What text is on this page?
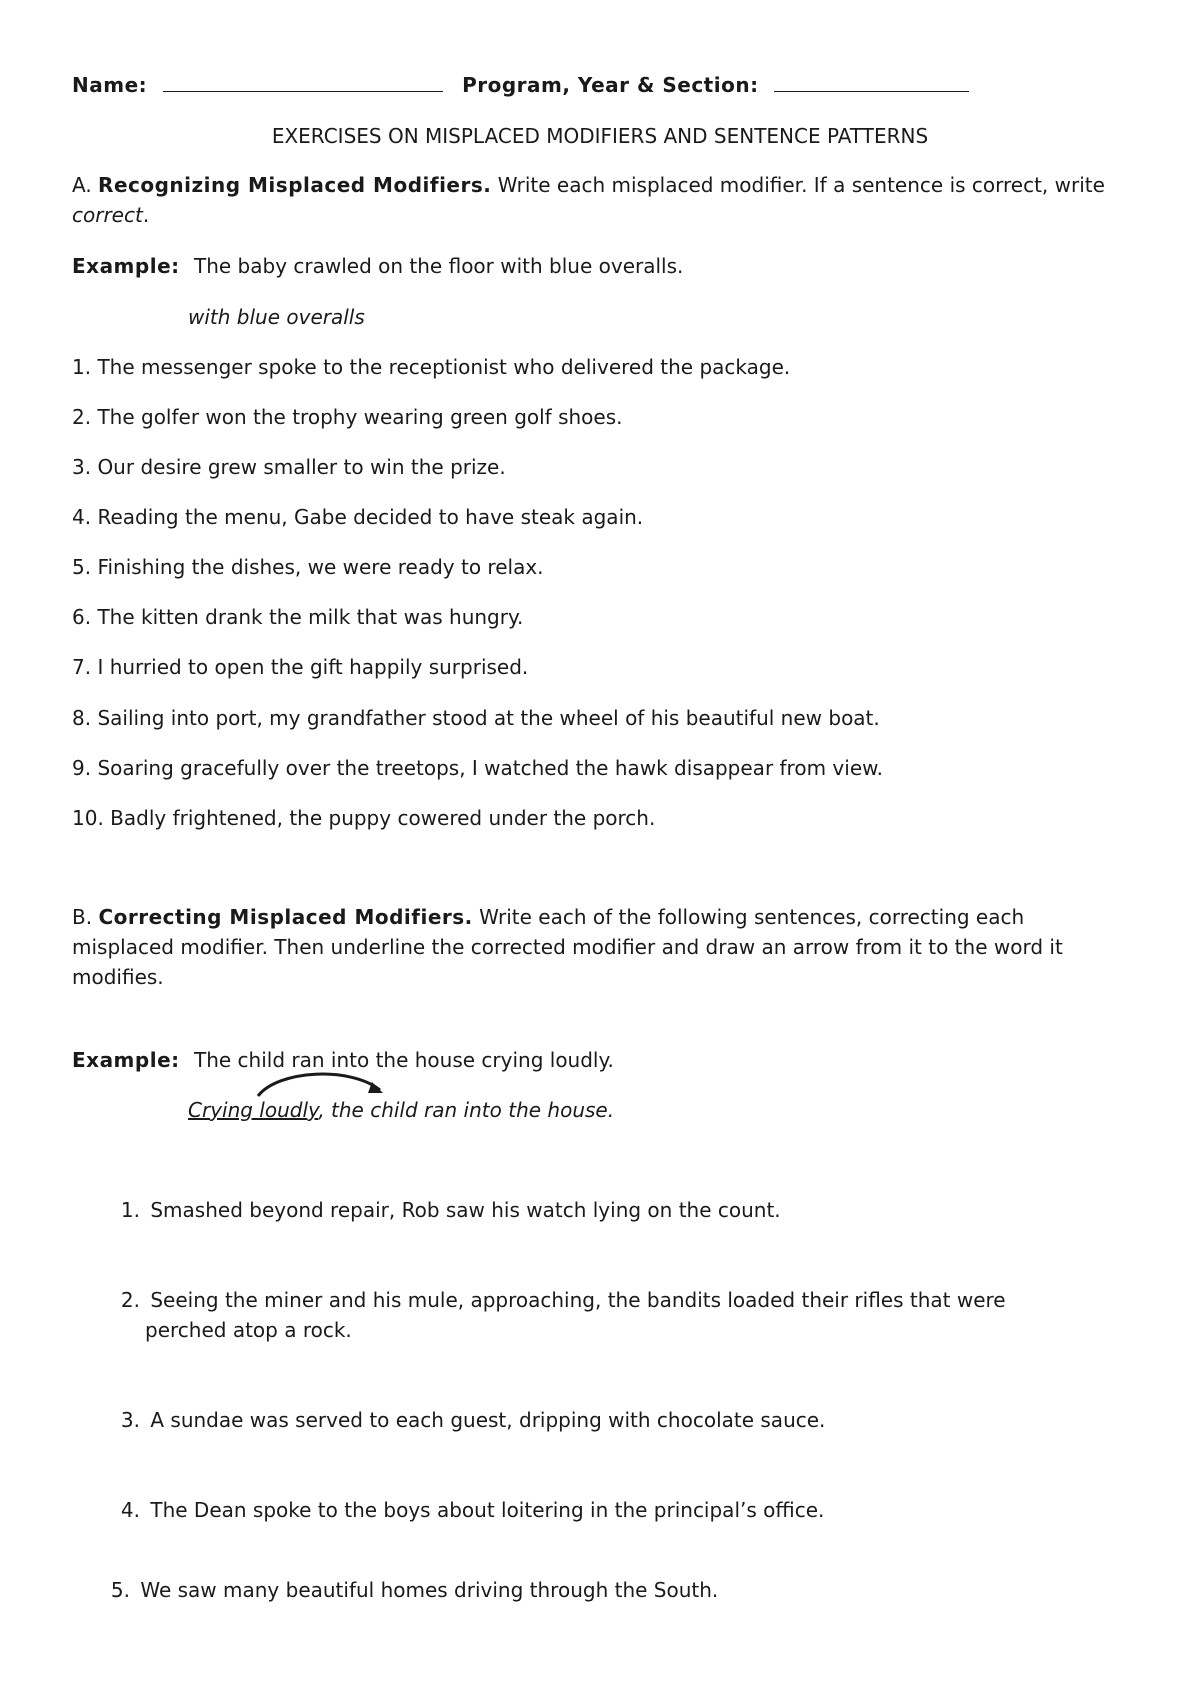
Name:	Program, Year & Section:
EXERCISES ON MISPLACED MODIFIERS AND SENTENCE PATTERNS
A. Recognizing Misplaced Modifiers. Write each misplaced modifier. If a sentence is correct, write correct.
Example: The baby crawled on the floor with blue overalls.
with blue overalls
1. The messenger spoke to the receptionist who delivered the package.
2. The golfer won the trophy wearing green golf shoes.
3. Our desire grew smaller to win the prize.
4. Reading the menu, Gabe decided to have steak again.
5. Finishing the dishes, we were ready to relax.
6. The kitten drank the milk that was hungry.
7. I hurried to open the gift happily surprised.
8. Sailing into port, my grandfather stood at the wheel of his beautiful new boat.
9. Soaring gracefully over the treetops, I watched the hawk disappear from view.
10. Badly frightened, the puppy cowered under the porch.
B. Correcting Misplaced Modifiers. Write each of the following sentences, correcting each misplaced modifier. Then underline the corrected modifier and draw an arrow from it to the word it modifies.
Example: The child ran into the house crying loudly.
Crying loudly, the child ran into the house.
1. Smashed beyond repair, Rob saw his watch lying on the count.
2. Seeing the miner and his mule, approaching, the bandits loaded their rifles that were
perched atop a rock.
3. A sundae was served to each guest, dripping with chocolate sauce.
4. The Dean spoke to the boys about loitering in the principal’s office.
5. We saw many beautiful homes driving through the South.
